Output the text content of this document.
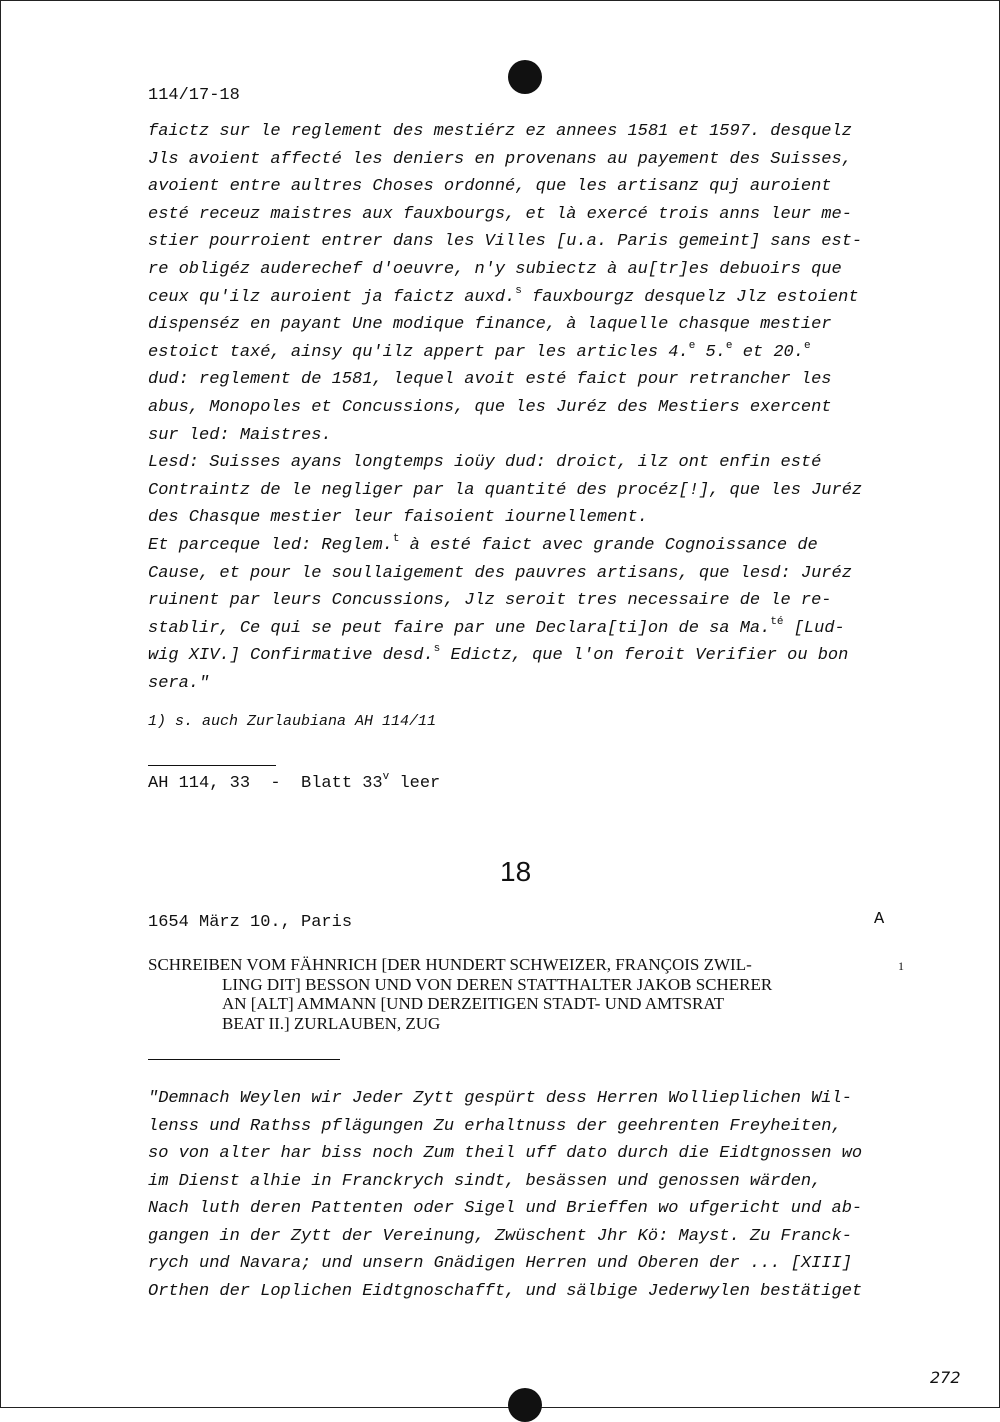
114/17-18
faictz sur le reglement des mestiérz ez annees 1581 et 1597. desquelz
Jls avoient affecté les deniers en provenans au payement des Suisses,
avoient entre aultres Choses ordonné, que les artisanz quj auroient
esté receuz maistres aux fauxbourgs, et là exercé trois anns leur me-
stier pourroient entrer dans les Villes [u.a. Paris gemeint] sans est-
re obligéz auderechef d'oeuvre, n'y subiectz à au[tr]es debuoirs que
ceux qu'ilz auroient ja faictz auxd.$^s$ fauxbourgz desquelz Jlz estoient
dispenséz en payant Une modique finance, à laquelle chasque mestier
estoict taxé, ainsy qu'ilz appert par les articles 4.$^e$ 5.$^e$ et 20.$^e$
dud: reglement de 1581, lequel avoit esté faict pour retrancher les
abus, Monopoles et Concussions, que les Juréz des Mestiers exercent
sur led: Maistres.
Lesd: Suisses ayans longtemps ioüy dud: droict, ilz ont enfin esté
Contraintz de le negliger par la quantité des procéz[!], que les Juréz
des Chasque mestier leur faisoient iournellement.
Et parceque led: Reglem.$^t$ à esté faict avec grande Cognoissance de
Cause, et pour le soullaigement des pauvres artisans, que lesd: Juréz
ruinent par leurs Concussions, Jlz seroit tres necessaire de le re-
stablir, Ce qui se peut faire par une Declara[ti]on de sa Ma.$^{té}$ [Lud-
wig XIV.] Confirmative desd.$^s$ Edictz, que l'on feroit Verifier ou bon
sera."
1) s. auch Zurlaubiana AH 114/11
AH 114, 33  -  Blatt 33$^v$ leer
18
1654 März 10., Paris	A
SCHREIBEN VOM FÄHNRICH [DER HUNDERT SCHWEIZER, FRANÇOIS ZWIL-
LING DIT] BESSON UND VON DEREN STATTHALTER JAKOB SCHERER
AN [ALT] AMMANN [UND DERZEITIGEN STADT- UND AMTSRAT
BEAT II.] ZURLAUBEN, ZUG
1
"Demnach Weylen wir Jeder Zytt gespürt dess Herren Wollieplichen Wil-
lenss und Rathss pflägungen Zu erhaltnuss der geehrenten Freyheiten,
so von alter har biss noch Zum theil uff dato durch die Eidtgnossen wo
im Dienst alhie in Franckrych sindt, besässen und genossen wärden,
Nach luth deren Pattenten oder Sigel und Brieffen wo ufgericht und ab-
gangen in der Zytt der Vereinung, Zwüschent Jhr Kö: Mayst. Zu Franck-
rych und Navara; und unsern Gnädigen Herren und Oberen der ... [XIII]
Orthen der Loplichen Eidtgnoschafft, und sälbige Jederwylen bestätiget
272
